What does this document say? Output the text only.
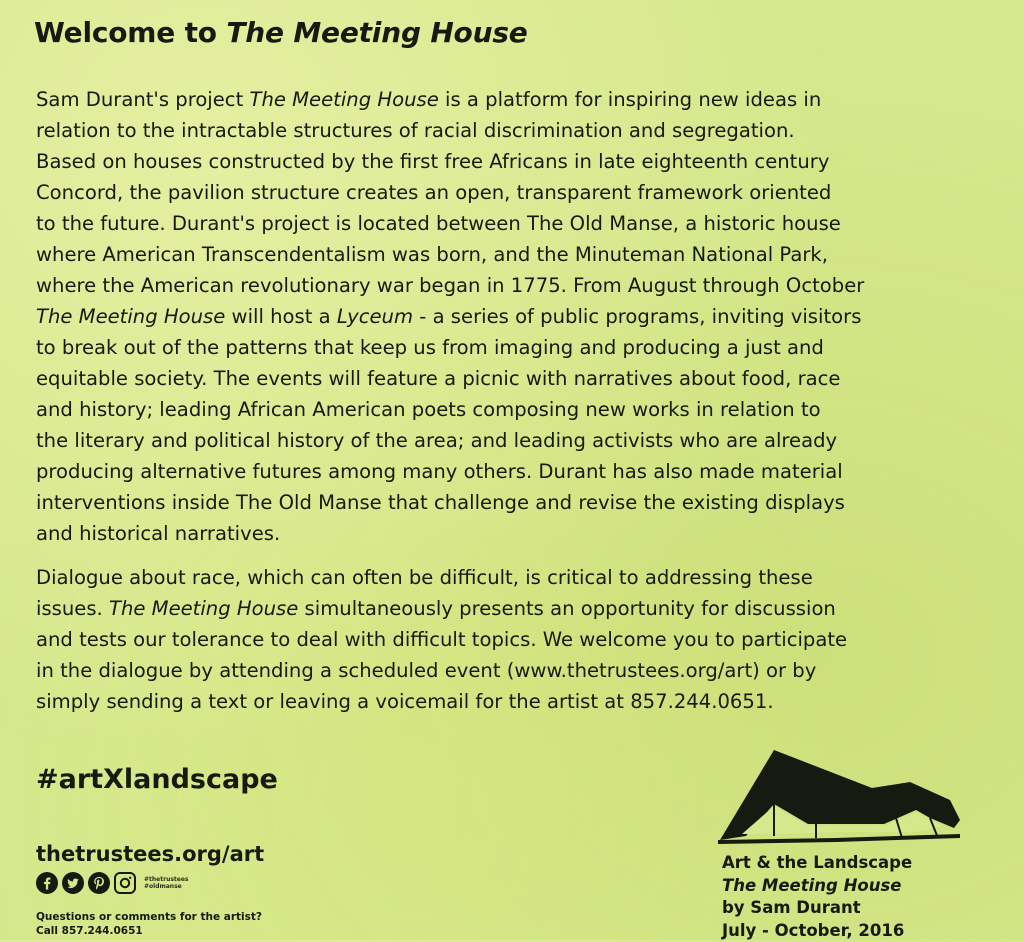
Welcome to The Meeting House
Sam Durant's project The Meeting House is a platform for inspiring new ideas in
relation to the intractable structures of racial discrimination and segregation.
Based on houses constructed by the first free Africans in late eighteenth century
Concord, the pavilion structure creates an open, transparent framework oriented
to the future. Durant's project is located between The Old Manse, a historic house
where American Transcendentalism was born, and the Minuteman National Park,
where the American revolutionary war began in 1775. From August through October
The Meeting House will host a Lyceum - a series of public programs, inviting visitors
to break out of the patterns that keep us from imaging and producing a just and
equitable society. The events will feature a picnic with narratives about food, race
and history; leading African American poets composing new works in relation to
the literary and political history of the area; and leading activists who are already
producing alternative futures among many others. Durant has also made material
interventions inside The Old Manse that challenge and revise the existing displays
and historical narratives.
Dialogue about race, which can often be difficult, is critical to addressing these
issues. The Meeting House simultaneously presents an opportunity for discussion
and tests our tolerance to deal with difficult topics. We welcome you to participate
in the dialogue by attending a scheduled event (www.thetrustees.org/art) or by
simply sending a text or leaving a voicemail for the artist at 857.244.0651.
#artXlandscape
thetrustees.org/art
#thetrustees
#oldmanse
Questions or comments for the artist?
Call 857.244.0651
Art & the Landscape
The Meeting House
by Sam Durant
July - October, 2016
